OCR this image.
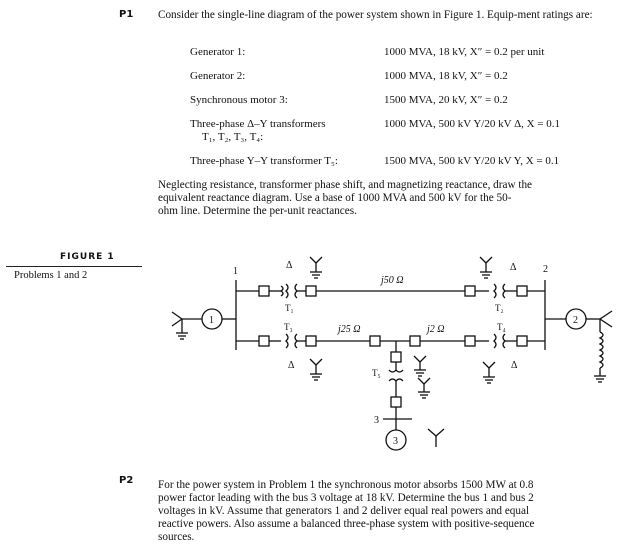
P1 Consider the single-line diagram of the power system shown in Figure 1. Equip-ment ratings are:
Generator 1:	1000 MVA, 18 kV, X″ = 0.2 per unit
Generator 2:	1000 MVA, 18 kV, X″ = 0.2
Synchronous motor 3:	1500 MVA, 20 kV, X″ = 0.2
Three-phase Δ–Y transformers
T₁, T₂, T₃, T₄:
1000 MVA, 500 kV Y/20 kV Δ, X = 0.1
Three-phase Y–Y transformer T₅:	1500 MVA, 500 kV Y/20 kV Y, X = 0.1
Neglecting resistance, transformer phase shift, and magnetizing reactance, draw the
equivalent reactance diagram. Use a base of 1000 MVA and 500 kV for the 50-
ohm line. Determine the per-unit reactances.
FIGURE 1
Problems 1 and 2	1	2
3
1	2
3
j50 Ω
j25 Ω	j2 Ω
T₁	T₂
T₃	T₄
T₅
Δ	Δ
Δ	Δ
P2 For the power system in Problem 1 the synchronous motor absorbs 1500 MW at 0.8
power factor leading with the bus 3 voltage at 18 kV. Determine the bus 1 and bus 2
voltages in kV. Assume that generators 1 and 2 deliver equal real powers and equal
reactive powers. Also assume a balanced three-phase system with positive-sequence
sources.
